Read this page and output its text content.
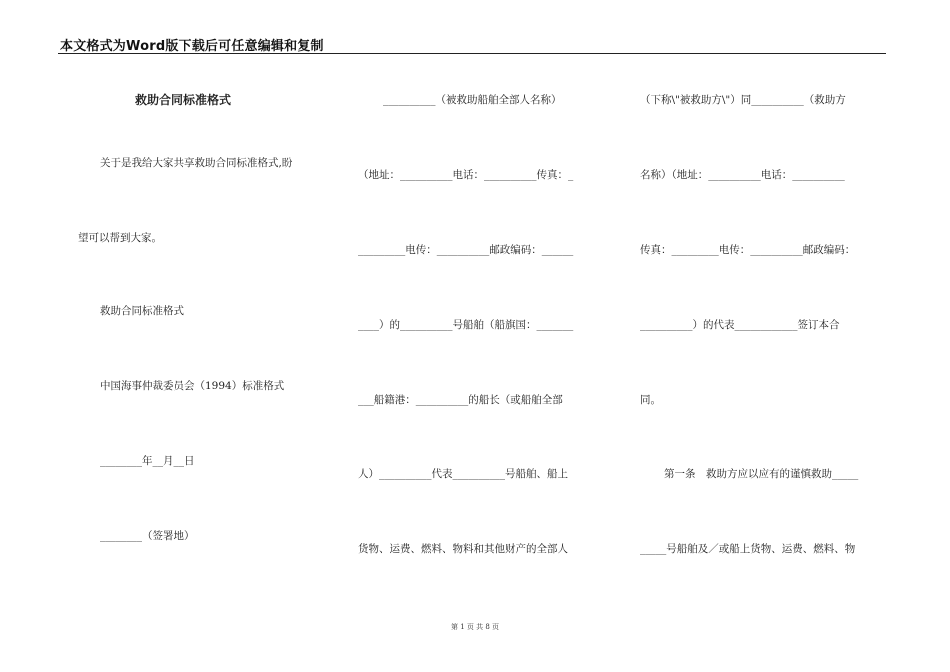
本文格式为Word版下载后可任意编辑和复制
救助合同标准格式
关于是我给大家共享救助合同标准格式,盼
望可以帮到大家。
救助合同标准格式
中国海事仲裁委员会（1994）标准格式
________年__月__日
________（签署地）
__________（被救助船舶全部人名称）
（地址：__________电话：__________传真：_
_________电传：__________邮政编码：______
____）的__________号船舶（船旗国：_______
___船籍港：__________的船长（或船舶全部
人）__________代表__________号船舶、船上
货物、运费、燃料、物料和其他财产的全部人
（下称\"被救助方\"）同__________（救助方
名称）（地址：__________电话：__________
传真：_________电传：__________邮政编码：
__________）的代表____________签订本合
同。
第一条　救助方应以应有的谨慎救助_____
_____号船舶及／或船上货物、运费、燃料、物
第 1 页 共 8 页
